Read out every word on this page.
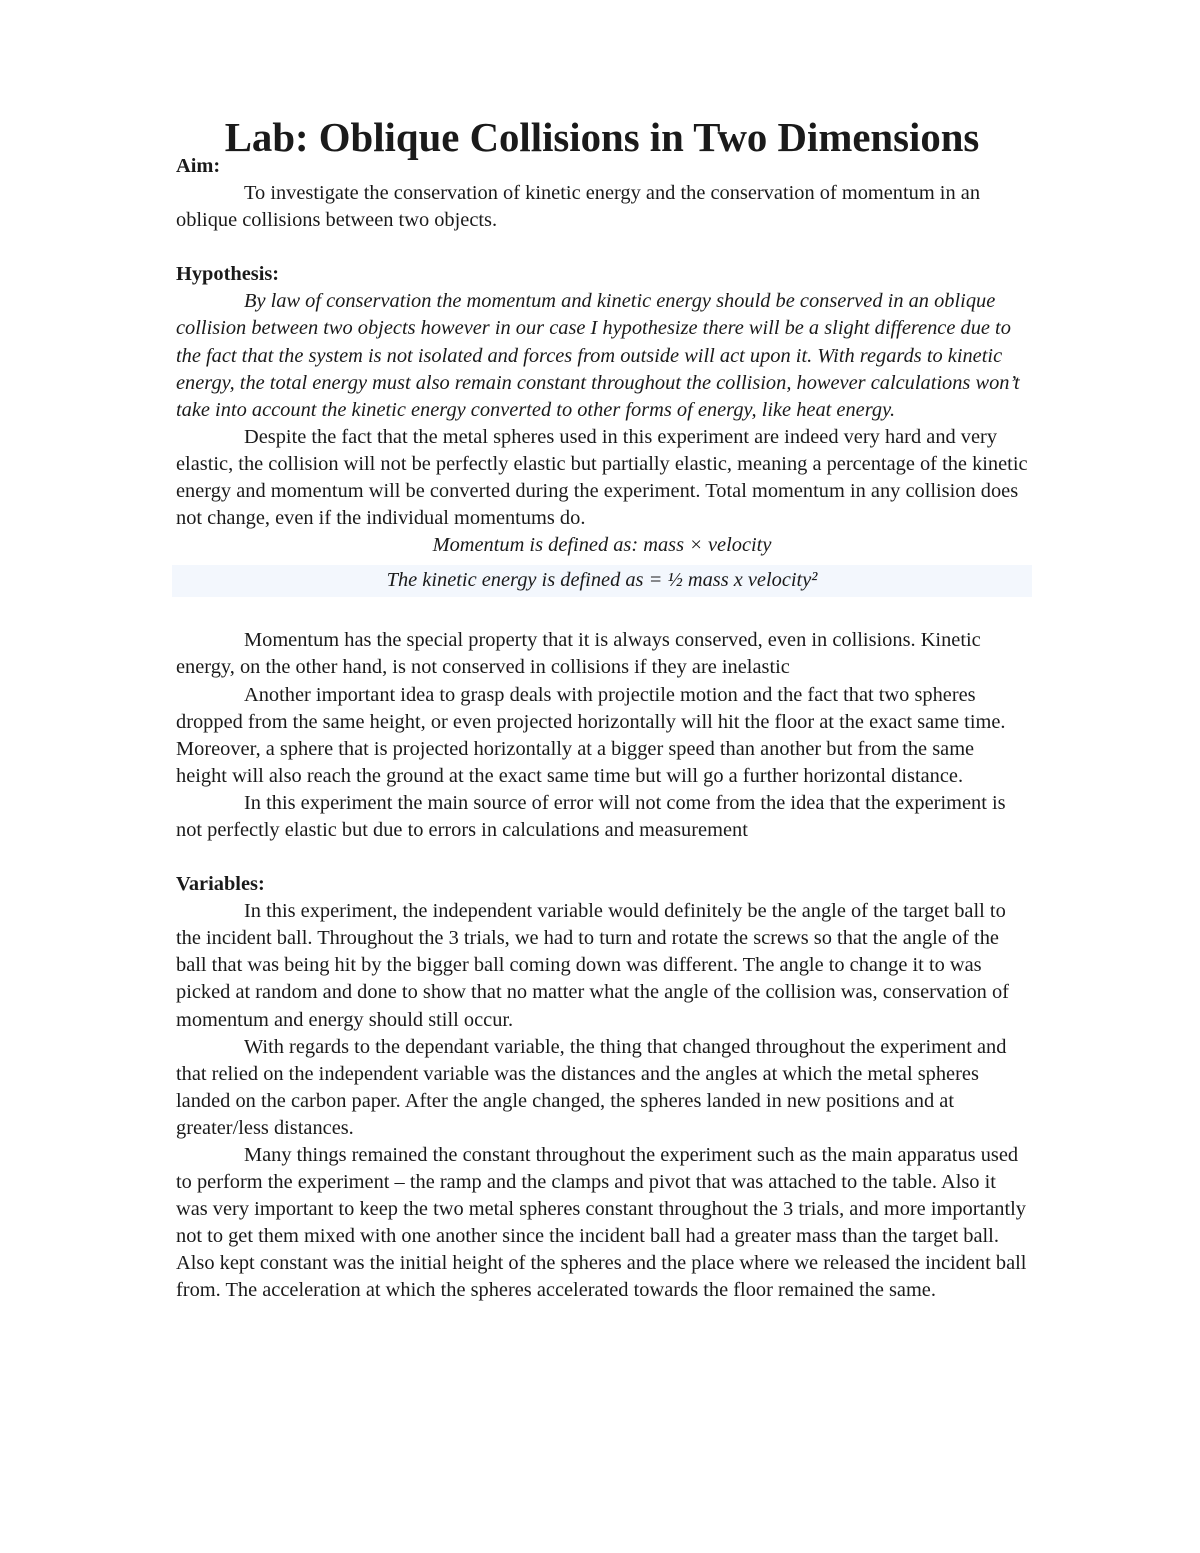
Lab: Oblique Collisions in Two Dimensions

Aim:

To investigate the conservation of kinetic energy and the conservation of momentum in an oblique collisions between two objects.

Hypothesis:

By law of conservation the momentum and kinetic energy should be conserved in an oblique collision between two objects however in our case I hypothesize there will be a slight difference due to the fact that the system is not isolated and forces from outside will act upon it. With regards to kinetic energy, the total energy must also remain constant throughout the collision, however calculations won’t take into account the kinetic energy converted to other forms of energy, like heat energy.

Despite the fact that the metal spheres used in this experiment are indeed very hard and very elastic, the collision will not be perfectly elastic but partially elastic, meaning a percentage of the kinetic energy and momentum will be converted during the experiment. Total momentum in any collision does not change, even if the individual momentums do.

Momentum is defined as: mass × velocity

The kinetic energy is defined as = ½ mass x velocity²

Momentum has the special property that it is always conserved, even in collisions. Kinetic energy, on the other hand, is not conserved in collisions if they are inelastic

Another important idea to grasp deals with projectile motion and the fact that two spheres dropped from the same height, or even projected horizontally will hit the floor at the exact same time. Moreover, a sphere that is projected horizontally at a bigger speed than another but from the same height will also reach the ground at the exact same time but will go a further horizontal distance.

In this experiment the main source of error will not come from the idea that the experiment is not perfectly elastic but due to errors in calculations and measurement

Variables:

In this experiment, the independent variable would definitely be the angle of the target ball to the incident ball. Throughout the 3 trials, we had to turn and rotate the screws so that the angle of the ball that was being hit by the bigger ball coming down was different. The angle to change it to was picked at random and done to show that no matter what the angle of the collision was, conservation of momentum and energy should still occur.

With regards to the dependant variable, the thing that changed throughout the experiment and that relied on the independent variable was the distances and the angles at which the metal spheres landed on the carbon paper. After the angle changed, the spheres landed in new positions and at greater/less distances.

Many things remained the constant throughout the experiment such as the main apparatus used to perform the experiment – the ramp and the clamps and pivot that was attached to the table. Also it was very important to keep the two metal spheres constant throughout the 3 trials, and more importantly not to get them mixed with one another since the incident ball had a greater mass than the target ball. Also kept constant was the initial height of the spheres and the place where we released the incident ball from. The acceleration at which the spheres accelerated towards the floor remained the same.
